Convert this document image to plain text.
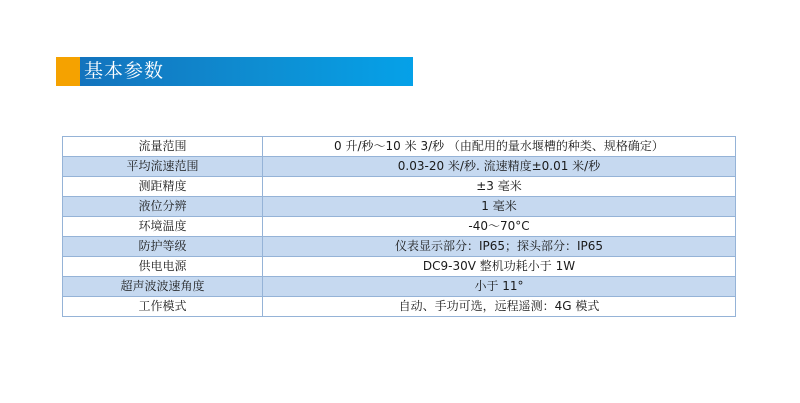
基本参数
流量范围	0 升/秒～10 米 3/秒 （由配用的量水堰槽的种类、规格确定）
平均流速范围	0.03-20 米/秒. 流速精度±0.01 米/秒
测距精度	±3 毫米
液位分辨	1 毫米
环境温度	-40～70°C
防护等级	仪表显示部分：IP65；探头部分：IP65
供电电源	DC9-30V 整机功耗小于 1W
超声波波速角度	小于 11°
工作模式	自动、手功可选，远程遥测：4G 模式
